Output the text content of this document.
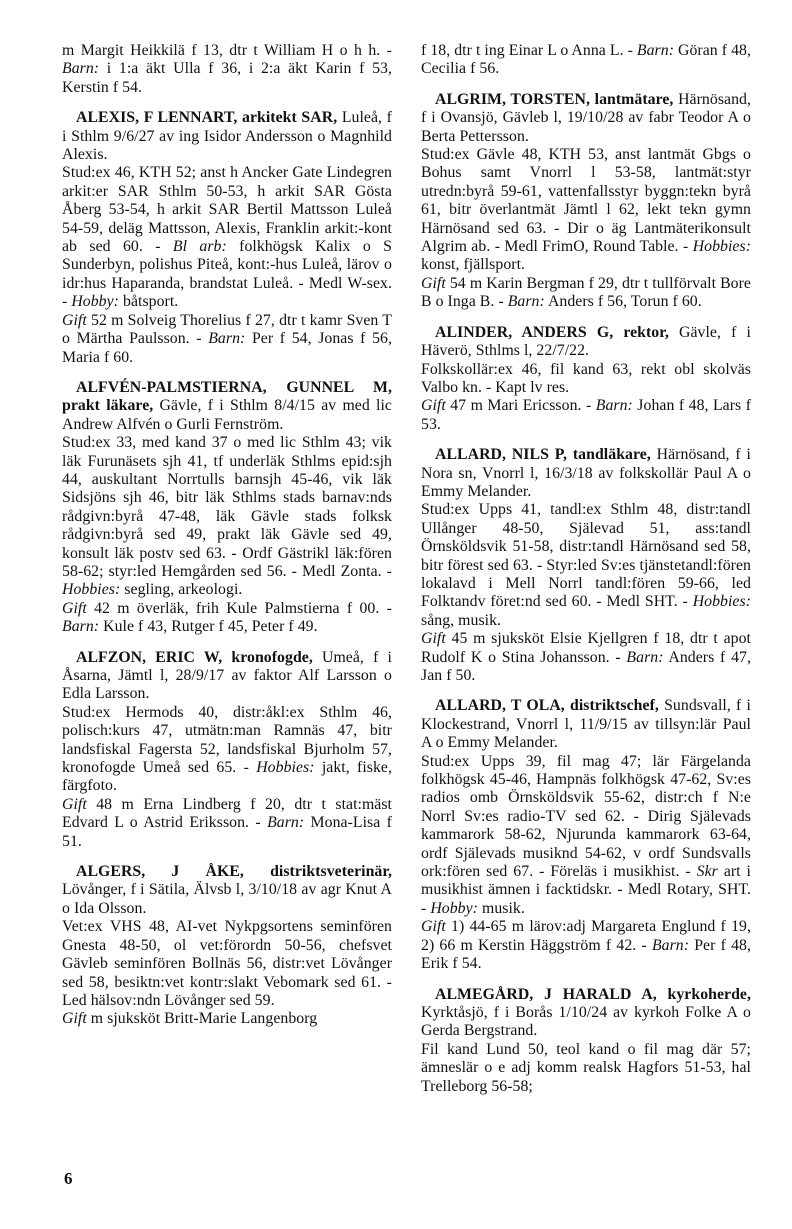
m Margit Heikkilä f 13, dtr t William H o h h. - Barn: i 1:a äkt Ulla f 36, i 2:a äkt Karin f 53, Kerstin f 54.

ALEXIS, F LENNART, arkitekt SAR, Luleå, f i Sthlm 9/6/27 av ing Isidor Andersson o Magnhild Alexis.

Stud:ex 46, KTH 52; anst h Ancker Gate Lindegren arkit:er SAR Sthlm 50-53, h arkit SAR Gösta Åberg 53-54, h arkit SAR Bertil Mattsson Luleå 54-59, deläg Mattsson, Alexis, Franklin arkit:-kont ab sed 60. - Bl arb: folkhögsk Kalix o S Sunderbyn, polishus Piteå, kont:-hus Luleå, lärov o idr:hus Haparanda, brandstat Luleå. - Medl W-sex. - Hobby: båtsport.

Gift 52 m Solveig Thorelius f 27, dtr t kamr Sven T o Märtha Paulsson. - Barn: Per f 54, Jonas f 56, Maria f 60.

ALFVÉN-PALMSTIERNA, GUNNEL M, prakt läkare, Gävle, f i Sthlm 8/4/15 av med lic Andrew Alfvén o Gurli Fernström.

Stud:ex 33, med kand 37 o med lic Sthlm 43; vik läk Furunäsets sjh 41, tf underläk Sthlms epid:sjh 44, auskultant Norrtulls barnsjh 45-46, vik läk Sidsjöns sjh 46, bitr läk Sthlms stads barnav:nds rådgivn:byrå 47-48, läk Gävle stads folksk rådgivn:byrå sed 49, prakt läk Gävle sed 49, konsult läk postv sed 63. - Ordf Gästrikl läk:fören 58-62; styr:led Hemgården sed 56. - Medl Zonta. - Hobbies: segling, arkeologi.

Gift 42 m överläk, frih Kule Palmstierna f 00. - Barn: Kule f 43, Rutger f 45, Peter f 49.

ALFZON, ERIC W, kronofogde, Umeå, f i Åsarna, Jämtl l, 28/9/17 av faktor Alf Larsson o Edla Larsson.

Stud:ex Hermods 40, distr:åkl:ex Sthlm 46, polisch:kurs 47, utmätn:man Ramnäs 47, bitr landsfiskal Fagersta 52, landsfiskal Bjurholm 57, kronofogde Umeå sed 65. - Hobbies: jakt, fiske, färgfoto.

Gift 48 m Erna Lindberg f 20, dtr t stat:mäst Edvard L o Astrid Eriksson. - Barn: Mona-Lisa f 51.

ALGERS, J ÅKE, distriktsveterinär, Lövånger, f i Sätila, Älvsb l, 3/10/18 av agr Knut A o Ida Olsson.

Vet:ex VHS 48, AI-vet Nykpgsortens seminfören Gnesta 48-50, ol vet:förordn 50-56, chefsvet Gävleb seminfören Bollnäs 56, distr:vet Lövånger sed 58, besiktn:vet kontr:slakt Vebomark sed 61. - Led hälsov:ndn Lövånger sed 59.

Gift m sjuksköt Britt-Marie Langenborg

f 18, dtr t ing Einar L o Anna L. - Barn: Göran f 48, Cecilia f 56.

ALGRIM, TORSTEN, lantmätare, Härnösand, f i Ovansjö, Gävleb l, 19/10/28 av fabr Teodor A o Berta Pettersson.

Stud:ex Gävle 48, KTH 53, anst lantmät Gbgs o Bohus samt Vnorrl l 53-58, lantmät:styr utredn:byrå 59-61, vattenfallsstyr byggn:tekn byrå 61, bitr överlantmät Jämtl l 62, lekt tekn gymn Härnösand sed 63. - Dir o äg Lantmäterikonsult Algrim ab. - Medl FrimO, Round Table. - Hobbies: konst, fjällsport.

Gift 54 m Karin Bergman f 29, dtr t tullförvalt Bore B o Inga B. - Barn: Anders f 56, Torun f 60.

ALINDER, ANDERS G, rektor, Gävle, f i Häverö, Sthlms l, 22/7/22.

Folkskollär:ex 46, fil kand 63, rekt obl skolväs Valbo kn. - Kapt lv res.

Gift 47 m Mari Ericsson. - Barn: Johan f 48, Lars f 53.

ALLARD, NILS P, tandläkare, Härnösand, f i Nora sn, Vnorrl l, 16/3/18 av folkskollär Paul A o Emmy Melander.

Stud:ex Upps 41, tandl:ex Sthlm 48, distr:tandl Ullånger 48-50, Själevad 51, ass:tandl Örnsköldsvik 51-58, distr:tandl Härnösand sed 58, bitr förest sed 63. - Styr:led Sv:es tjänstetandl:fören lokalavd i Mell Norrl tandl:fören 59-66, led Folktandv föret:nd sed 60. - Medl SHT. - Hobbies: sång, musik.

Gift 45 m sjuksköt Elsie Kjellgren f 18, dtr t apot Rudolf K o Stina Johansson. - Barn: Anders f 47, Jan f 50.

ALLARD, T OLA, distriktschef, Sundsvall, f i Klockestrand, Vnorrl l, 11/9/15 av tillsyn:lär Paul A o Emmy Melander.

Stud:ex Upps 39, fil mag 47; lär Färgelanda folkhögsk 45-46, Hampnäs folkhögsk 47-62, Sv:es radios omb Örnsköldsvik 55-62, distr:ch f N:e Norrl Sv:es radio-TV sed 62. - Dirig Själevads kammarork 58-62, Njurunda kammarork 63-64, ordf Själevads musiknd 54-62, v ordf Sundsvalls ork:fören sed 67. - Föreläs i musikhist. - Skr art i musikhist ämnen i facktidskr. - Medl Rotary, SHT. - Hobby: musik.

Gift 1) 44-65 m lärov:adj Margareta Englund f 19, 2) 66 m Kerstin Häggström f 42. - Barn: Per f 48, Erik f 54.

ALMEGÅRD, J HARALD A, kyrkoherde, Kyrktåsjö, f i Borås 1/10/24 av kyrkoh Folke A o Gerda Bergstrand.

Fil kand Lund 50, teol kand o fil mag där 57; ämneslär o e adj komm realsk Hagfors 51-53, hal Trelleborg 56-58;

6
